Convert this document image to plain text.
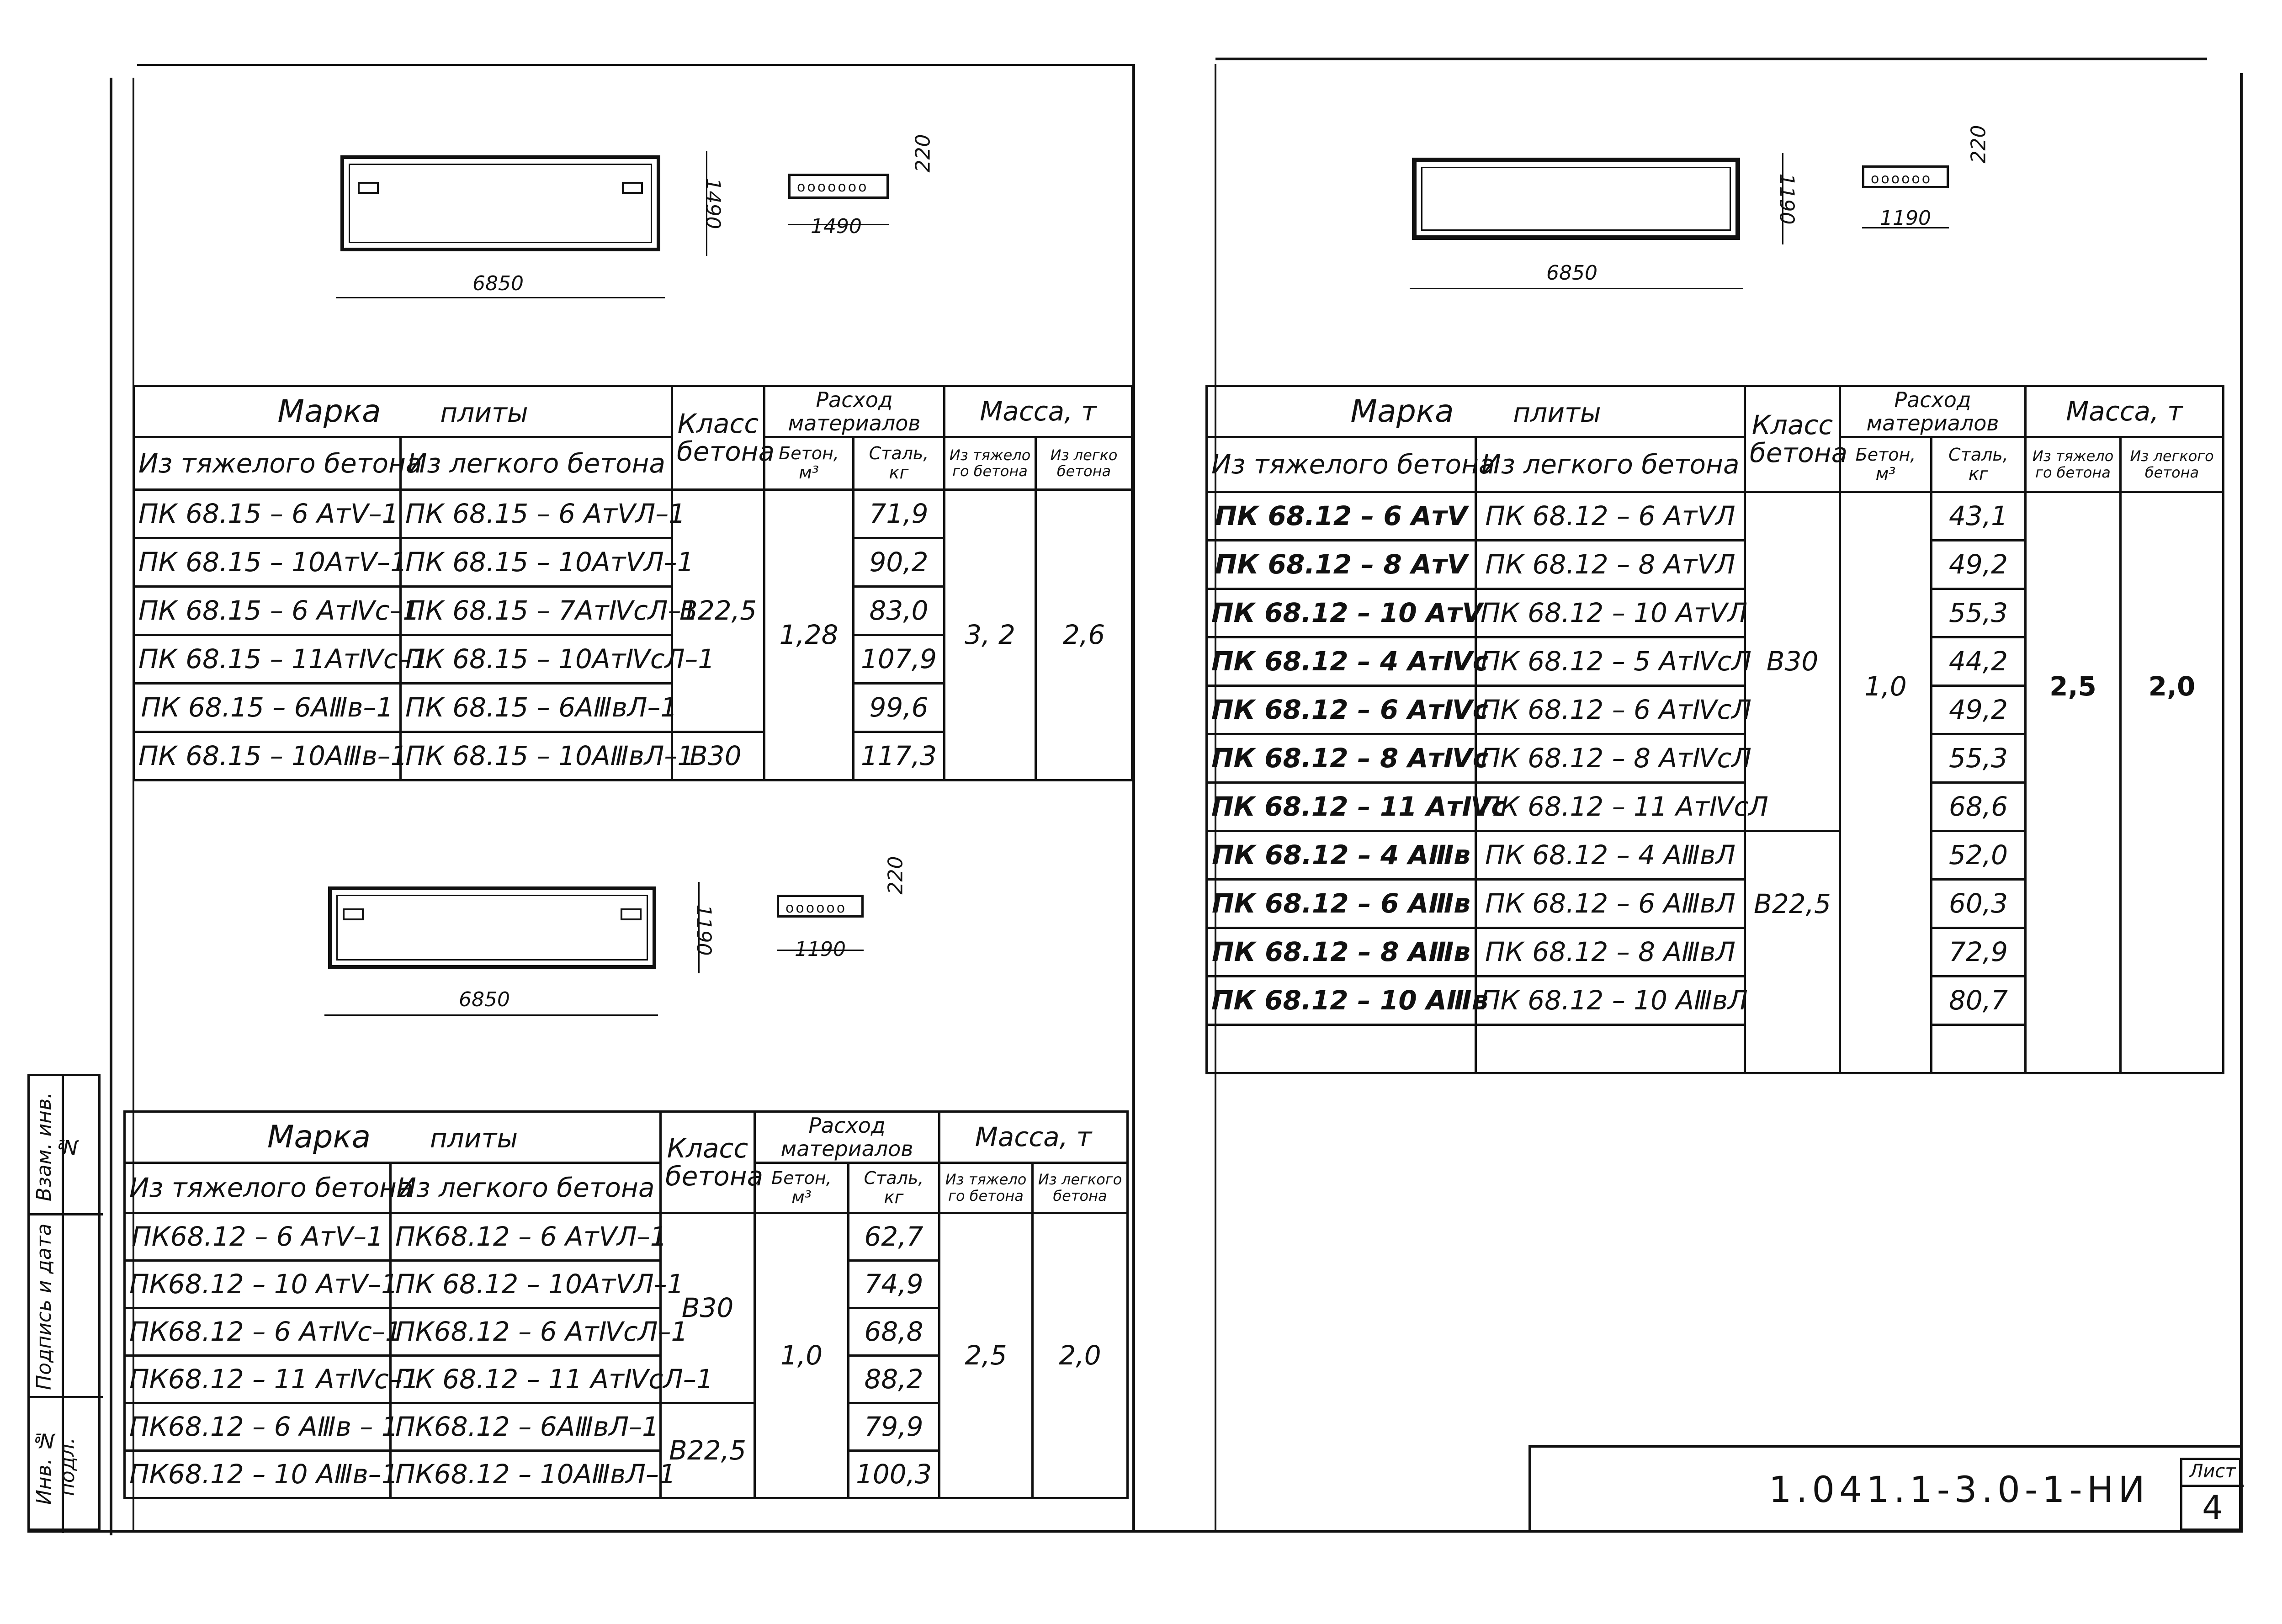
Взам. инв. №
Подпись и дата
Инв. № подл.
6850
1490	ooooooo
1490
220
Марка плиты		Класс
бетона	Расход материалов		Масса, т	
Из тяжелого бетона	Из легкого бетона		Бетон, м³	Сталь, кг	Из тяжело го бетона	Из легко бетона
ПК 68.15 – 6 АтⅤ–1	ПК 68.15 – 6 АтⅤЛ–1	В22,5	1,28	71,9	3, 2	2,6
ПК 68.15 – 10АтⅤ–1	ПК 68.15 – 10АтⅤЛ–1			90,2		
ПК 68.15 – 6 АтⅣс–1	ПК 68.15 – 7АтⅣсЛ–1			83,0		
ПК 68.15 – 11АтⅣс–1	ПК 68.15 – 10АтⅣсЛ–1			107,9		
ПК 68.15 – 6АⅢв–1	ПК 68.15 – 6АⅢвЛ–1			99,6		
ПК 68.15 – 10АⅢв–1	ПК 68.15 – 10АⅢвЛ–1	В30		117,3		
6850
1190	oooooo
1190
220
Марка плиты		Класс
бетона	Расход материалов		Масса, т	
Из тяжелого бетона	Из легкого бетона		Бетон, м³	Сталь, кг	Из тяжело го бетона	Из легкого бетона
ПК68.12 – 6 АтⅤ–1	ПК68.12 – 6 АтⅤЛ–1	В30	1,0	62,7	2,5	2,0
ПК68.12 – 10 АтⅤ–1	ПК 68.12 – 10АтⅤЛ–1			74,9		
ПК68.12 – 6 АтⅣс–1	ПК68.12 – 6 АтⅣсЛ–1			68,8		
ПК68.12 – 11 АтⅣс–1	ПК 68.12 – 11 АтⅣсЛ–1			88,2		
ПК68.12 – 6 АⅢв – 1	ПК68.12 – 6АⅢвЛ–1	В22,5		79,9		
ПК68.12 – 10 АⅢв–1	ПК68.12 – 10АⅢвЛ–1			100,3		
6850
1190	oooooo
1190
220
Марка плиты		Класс
бетона	Расход материалов		Масса, т	
Из тяжелого бетона	Из легкого бетона		Бетон, м³	Сталь, кг	Из тяжело го бетона	Из легкого бетона
ПК 68.12 – 6 АтⅤ	ПК 68.12 – 6 АтⅤЛ	В30	1,0	43,1	2,5	2,0
ПК 68.12 – 8 АтⅤ	ПК 68.12 – 8 АтⅤЛ			49,2		
ПК 68.12 – 10 АтⅤ	ПК 68.12 – 10 АтⅤЛ			55,3		
ПК 68.12 – 4 АтⅣс	ПК 68.12 – 5 АтⅣсЛ			44,2		
ПК 68.12 – 6 АтⅣс	ПК 68.12 – 6 АтⅣсЛ			49,2		
ПК 68.12 – 8 АтⅣс	ПК 68.12 – 8 АтⅣсЛ			55,3		
ПК 68.12 – 11 АтⅣс	ПК 68.12 – 11 АтⅣсЛ			68,6		
ПК 68.12 – 4 АⅢв	ПК 68.12 – 4 АⅢвЛ	В22,5		52,0		
ПК 68.12 – 6 АⅢв	ПК 68.12 – 6 АⅢвЛ			60,3		
ПК 68.12 – 8 АⅢв	ПК 68.12 – 8 АⅢвЛ			72,9		
ПК 68.12 – 10 АⅢв	ПК 68.12 – 10 АⅢвЛ			80,7		

1.041.1-3.0-1-НИ Лист
4
